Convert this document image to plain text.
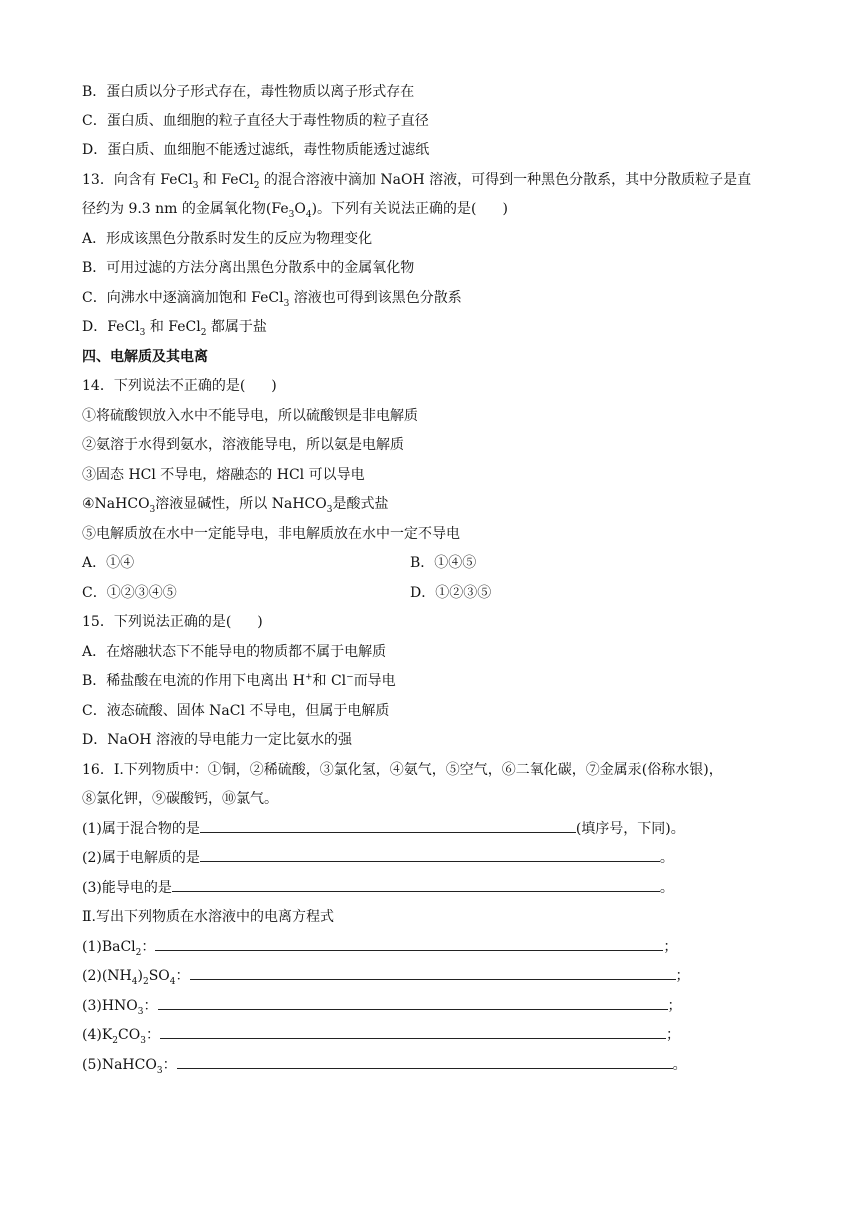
B．蛋白质以分子形式存在，毒性物质以离子形式存在
C．蛋白质、血细胞的粒子直径大于毒性物质的粒子直径
D．蛋白质、血细胞不能透过滤纸，毒性物质能透过滤纸
13．向含有 FeCl$_3$ 和 FeCl$_2$ 的混合溶液中滴加 NaOH 溶液，可得到一种黑色分散系，其中分散质粒子是直
径约为 9.3 nm 的金属氧化物$(Fe_3O_4)$。下列有关说法正确的是( )
A．形成该黑色分散系时发生的反应为物理变化
B．可用过滤的方法分离出黑色分散系中的金属氧化物
C．向沸水中逐滴滴加饱和 FeCl$_3$ 溶液也可得到该黑色分散系
D．FeCl$_3$ 和 FeCl$_2$ 都属于盐
四、电解质及其电离
14．下列说法不正确的是( )
①将硫酸钡放入水中不能导电，所以硫酸钡是非电解质
②氨溶于水得到氨水，溶液能导电，所以氨是电解质
③固态 HCl 不导电，熔融态的 HCl 可以导电
④NaHCO$_3$溶液显碱性，所以 NaHCO$_3$是酸式盐
⑤电解质放在水中一定能导电，非电解质放在水中一定不导电
A．①④	B．①④⑤
C．①②③④⑤	D．①②③⑤
15．下列说法正确的是( )
A．在熔融状态下不能导电的物质都不属于电解质
B．稀盐酸在电流的作用下电离出 H+和 Cl−而导电
C．液态硫酸、固体 NaCl 不导电，但属于电解质
D．NaOH 溶液的导电能力一定比氨水的强
16．Ⅰ.下列物质中：①铜，②稀硫酸，③氯化氢，④氨气，⑤空气，⑥二氧化碳，⑦金属汞(俗称水银)，
⑧氯化钾，⑨碳酸钙，⑩氯气。
(1)属于混合物的是	(填序号，下同)。
(2)属于电解质的是	。
(3)能导电的是	。
Ⅱ.写出下列物质在水溶液中的电离方程式
(1)BaCl$_2$：	；
$(2)(NH_4)_2SO_4$：	；
$(3)HNO_3$：	；
$(4)K_2CO_3$：	；
(5)NaHCO$_3$：	。
